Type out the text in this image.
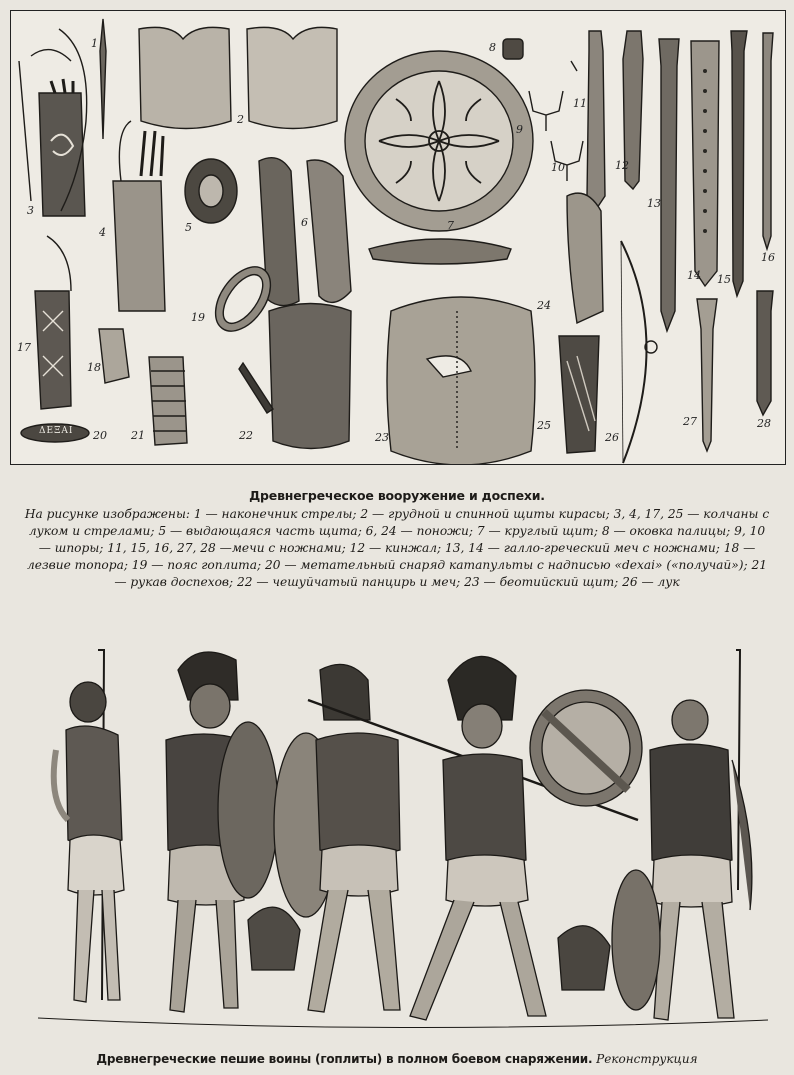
1
2
3
4	5	6	7
8
9
10
11
12
13
14 15
16
17
18
19
20 21	22	23
24
25
26
27	28
ΔΕΞΑΙ
Древнегреческое вооружение и доспехи.
На рисунке изображены: 1 — наконечник стрелы; 2 — грудной и спинной щиты кирасы; 3, 4, 17, 25 — колчаны с луком и стрелами; 5 — выдающаяся часть щита; 6, 24 — поножи; 7 — круглый щит; 8 — оковка палицы; 9, 10 — шпоры; 11, 15, 16, 27, 28 —мечи с ножнами; 12 — кинжал; 13, 14 — галло-греческий меч с ножнами; 18 — лезвие топора; 19 — пояс гоплита; 20 — метательный снаряд катапульты с надписью «dexai» («получай»); 21 — рукав доспехов; 22 — чешуйчатый панцирь и меч; 23 — беотийский щит; 26 — лук
Древнегреческие пешие воины (гоплиты) в полном боевом снаряжении. Реконструкция
